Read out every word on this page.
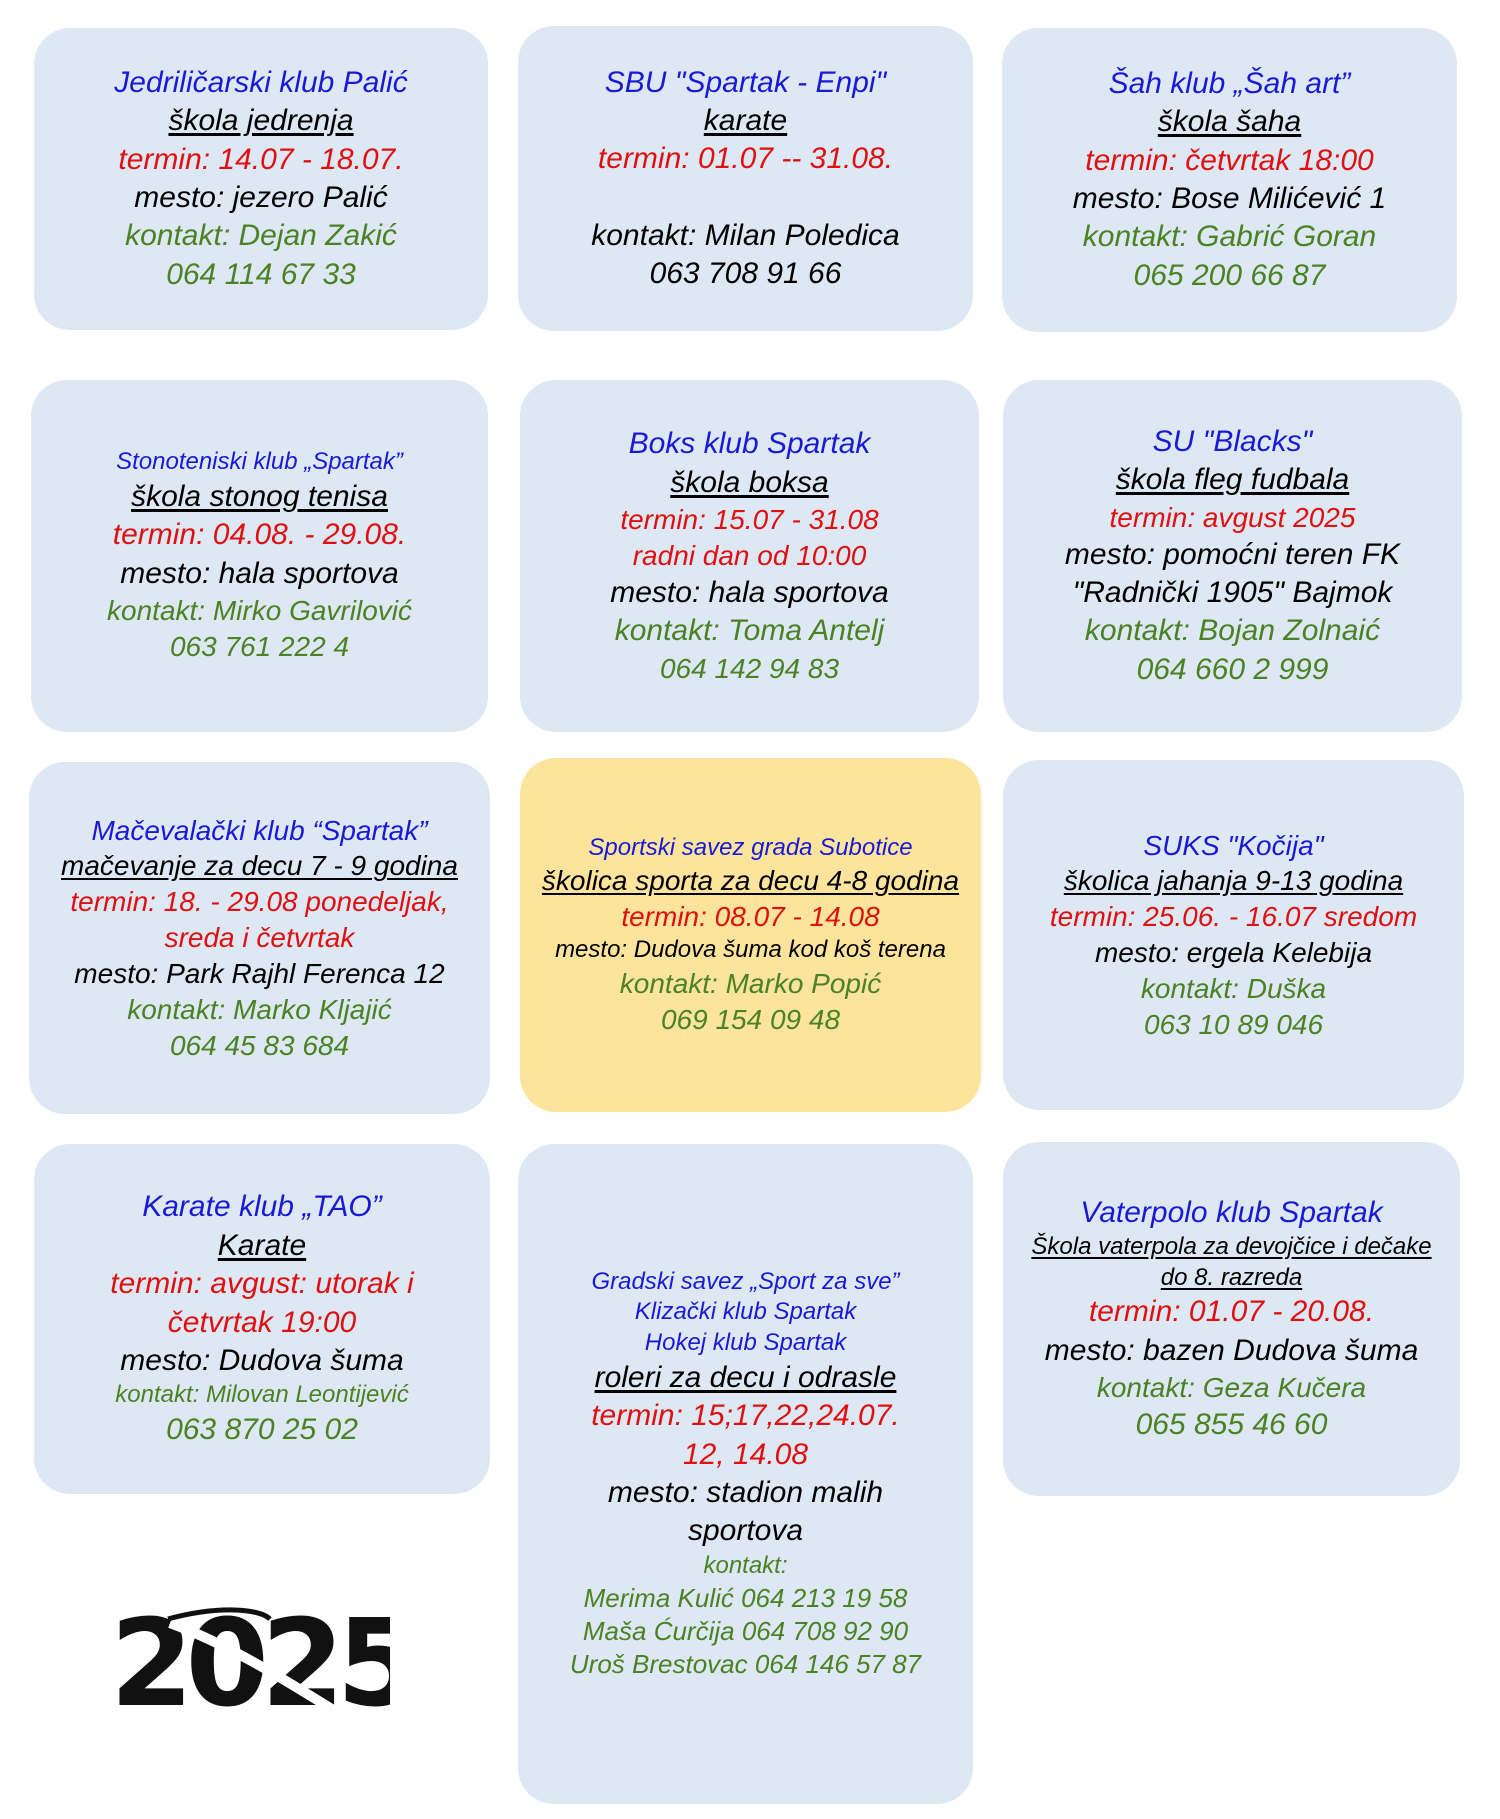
Jedriličarski klub Palić
škola jedrenja
termin: 14.07 - 18.07.
mesto: jezero Palić
kontakt: Dejan Zakić
064 114 67 33
SBU "Spartak - Enpi"
karate
termin: 01.07 -- 31.08.
kontakt: Milan Poledica
063 708 91 66
Šah klub „Šah art”
škola šaha
termin: četvrtak 18:00
mesto: Bose Milićević 1
kontakt: Gabrić Goran
065 200 66 87
Stonoteniski klub „Spartak”
škola stonog tenisa
termin: 04.08. - 29.08.
mesto: hala sportova
kontakt: Mirko Gavrilović
063 761 222 4
Boks klub Spartak
škola boksa
termin: 15.07 - 31.08
radni dan od 10:00
mesto: hala sportova
kontakt: Toma Antelj
064 142 94 83
SU "Blacks"
škola fleg fudbala
termin: avgust 2025
mesto: pomoćni teren FK
"Radnički 1905" Bajmok
kontakt: Bojan Zolnaić
064 660 2 999
Mačevalački klub “Spartak”
mačevanje za decu 7 - 9 godina
termin: 18. - 29.08 ponedeljak,
sreda i četvrtak
mesto: Park Rajhl Ferenca 12
kontakt: Marko Kljajić
064 45 83 684
Sportski savez grada Subotice
školica sporta za decu 4-8 godina
termin: 08.07 - 14.08
mesto: Dudova šuma kod koš terena
kontakt: Marko Popić
069 154 09 48
SUKS "Kočija"
školica jahanja 9-13 godina
termin: 25.06. - 16.07 sredom
mesto: ergela Kelebija
kontakt: Duška
063 10 89 046
Karate klub „TAO”
Karate
termin: avgust: utorak i
četvrtak 19:00
mesto: Dudova šuma
kontakt: Milovan Leontijević
063 870 25 02
Gradski savez „Sport za sve”
Klizački klub Spartak
Hokej klub Spartak
roleri za decu i odrasle
termin: 15;17,22,24.07.
12, 14.08
mesto: stadion malih
sportova
kontakt:
Merima Kulić 064 213 19 58
Maša Ćurčija 064 708 92 90
Uroš Brestovac 064 146 57 87
Vaterpolo klub Spartak
Škola vaterpola za devojčice i dečake
do 8. razreda
termin: 01.07 - 20.08.
mesto: bazen Dudova šuma
kontakt: Geza Kučera
065 855 46 60
2025
